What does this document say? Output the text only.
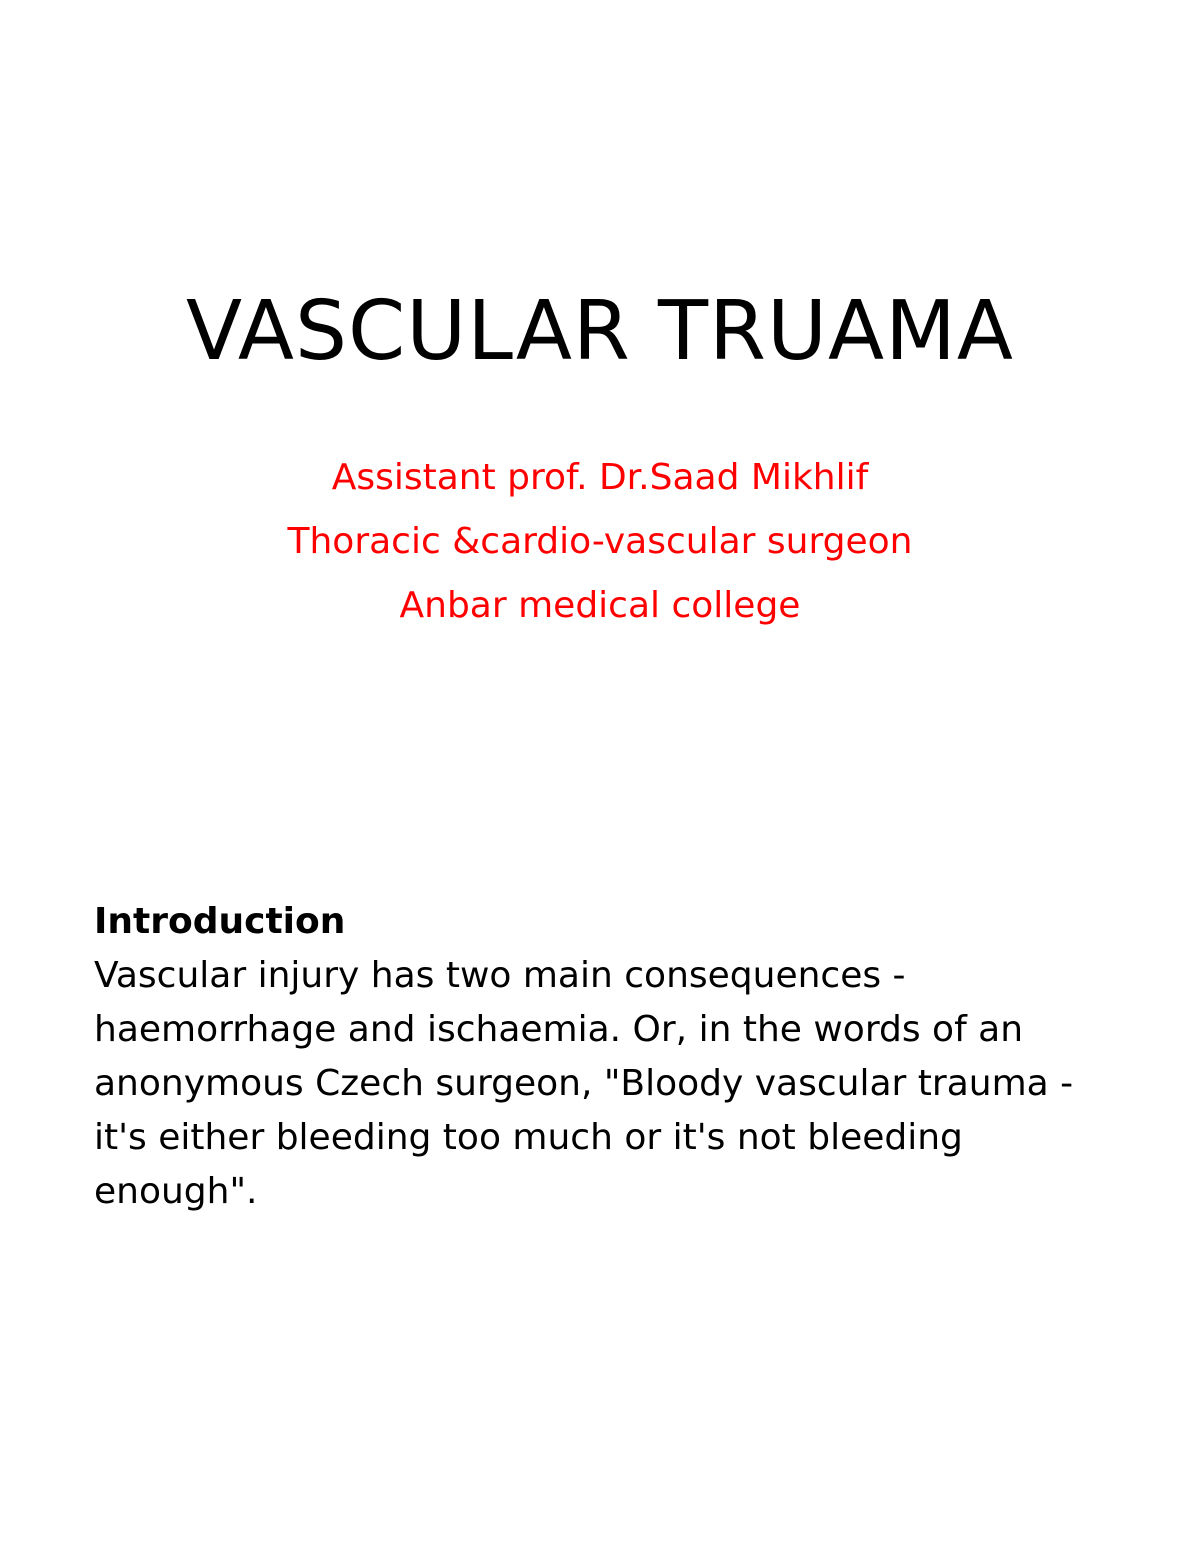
VASCULAR TRUAMA
Assistant prof. Dr.Saad Mikhlif
Thoracic &cardio-vascular surgeon
Anbar medical college
Introduction
Vascular injury has two main consequences -
haemorrhage and ischaemia. Or, in the words of an
anonymous Czech surgeon, "Bloody vascular trauma -
it's either bleeding too much or it's not bleeding
enough".
